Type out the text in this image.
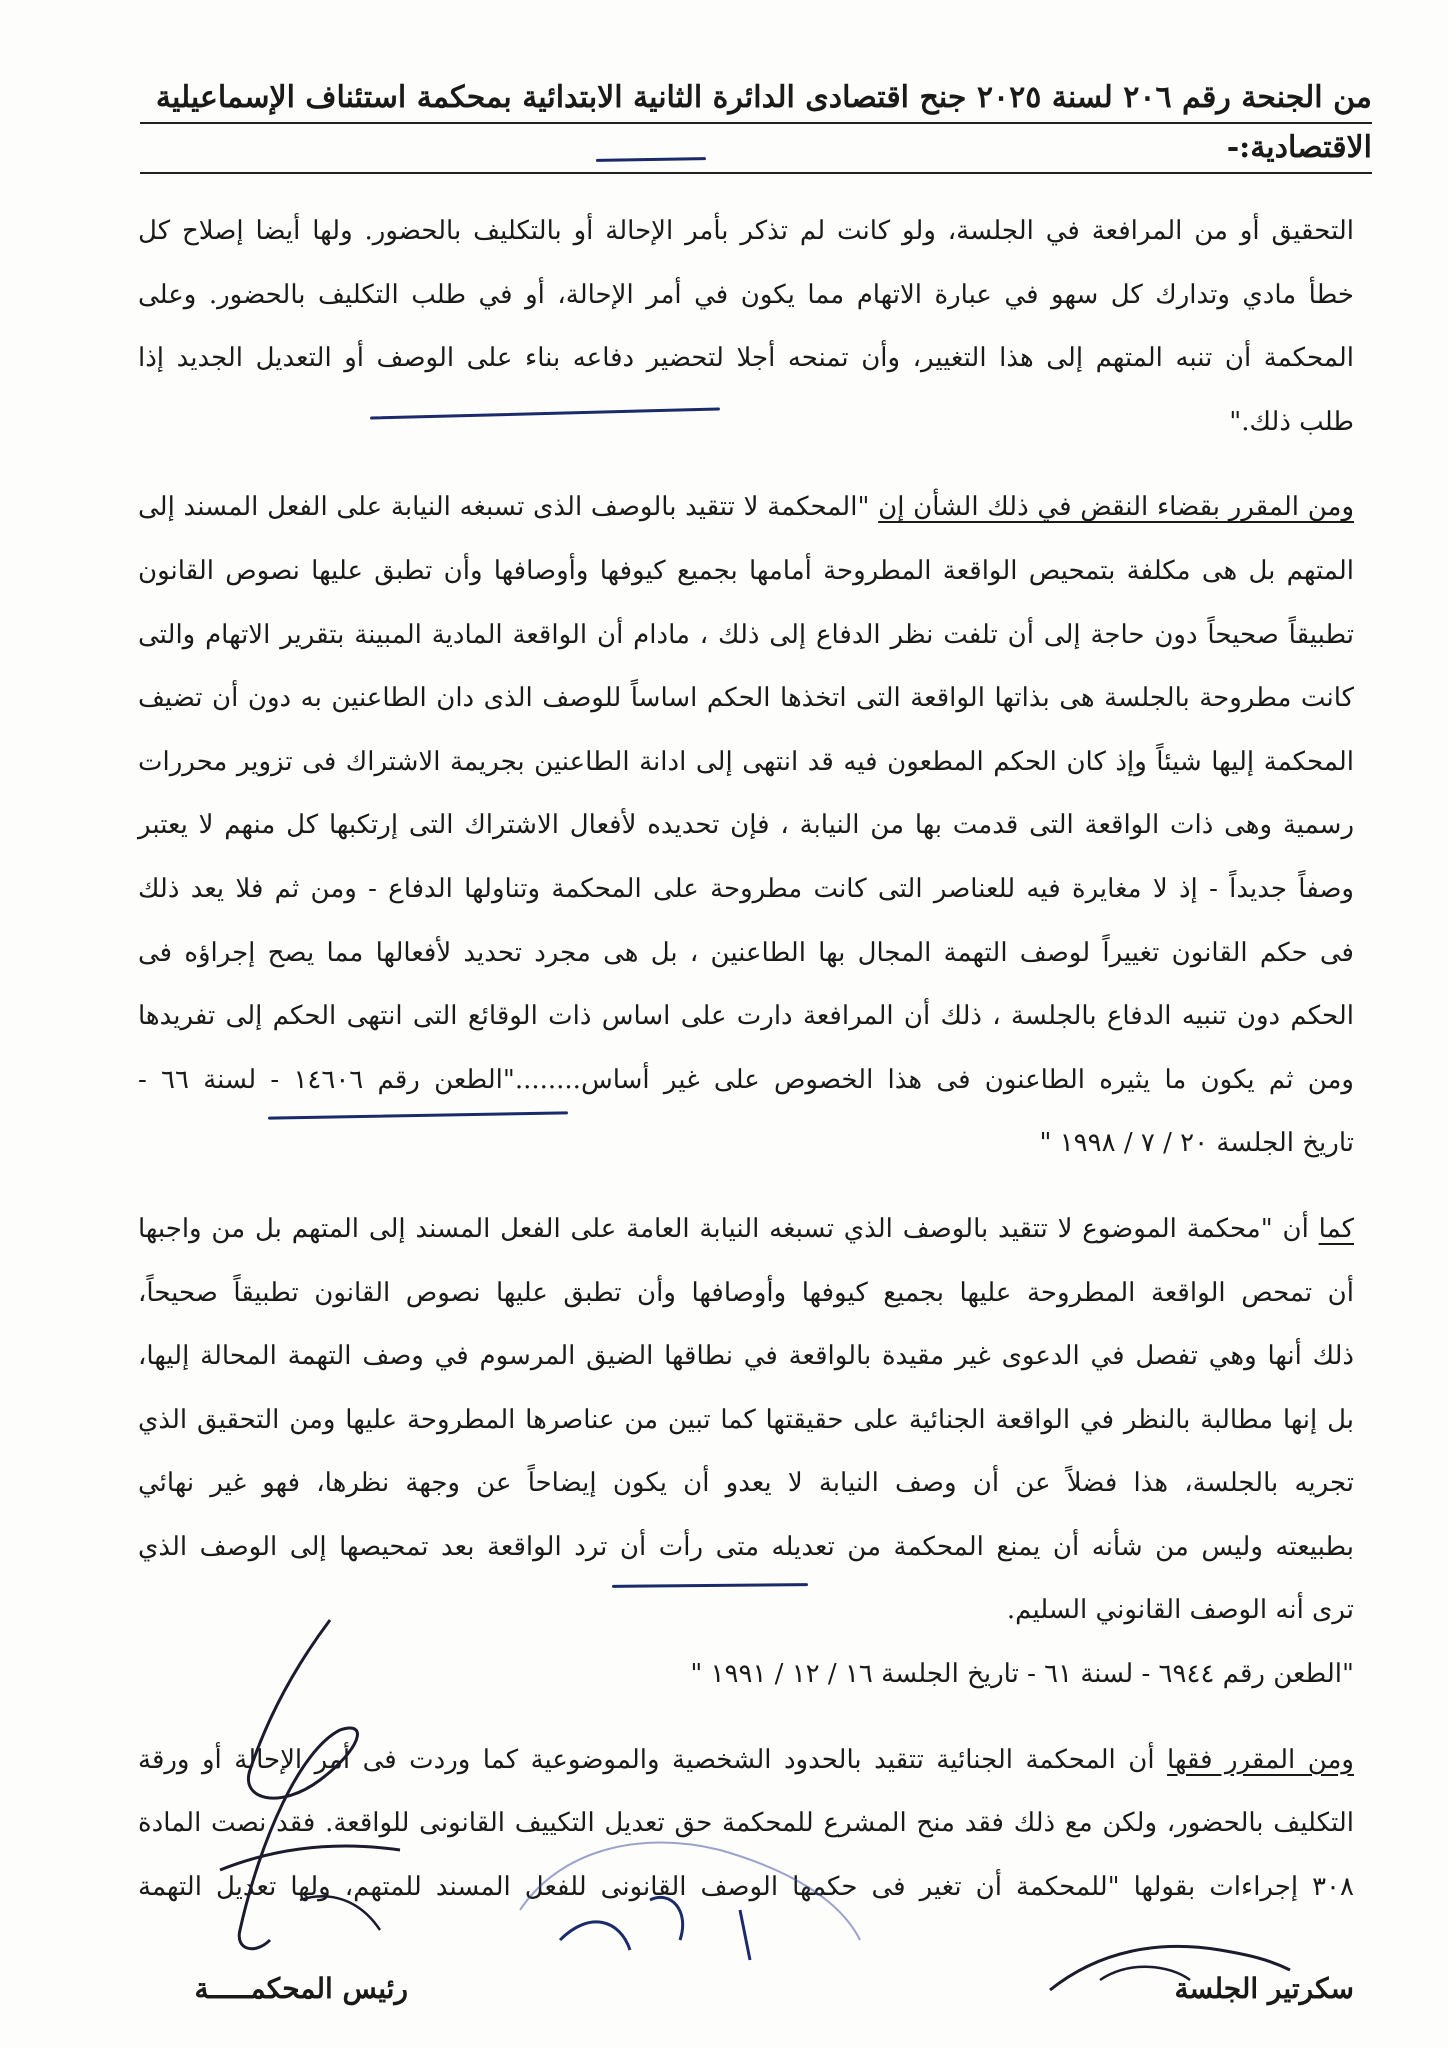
من الجنحة رقم ٢٠٦ لسنة ٢٠٢٥ جنح اقتصادى الدائرة الثانية الابتدائية بمحكمة استئناف الإسماعيلية
الاقتصادية:-
التحقيق أو من المرافعة في الجلسة، ولو كانت لم تذكر بأمر الإحالة أو بالتكليف بالحضور. ولها أيضا إصلاح كل
خطأ مادي وتدارك كل سهو في عبارة الاتهام مما يكون في أمر الإحالة، أو في طلب التكليف بالحضور. وعلى
المحكمة أن تنبه المتهم إلى هذا التغيير، وأن تمنحه أجلا لتحضير دفاعه بناء على الوصف أو التعديل الجديد إذا
طلب ذلك."
ومن المقرر بقضاء النقض في ذلك الشأن إن "المحكمة لا تتقيد بالوصف الذى تسبغه النيابة على الفعل المسند إلى
المتهم بل هى مكلفة بتمحيص الواقعة المطروحة أمامها بجميع كيوفها وأوصافها وأن تطبق عليها نصوص القانون
تطبيقاً صحيحاً دون حاجة إلى أن تلفت نظر الدفاع إلى ذلك ، مادام أن الواقعة المادية المبينة بتقرير الاتهام والتى
كانت مطروحة بالجلسة هى بذاتها الواقعة التى اتخذها الحكم اساساً للوصف الذى دان الطاعنين به دون أن تضيف
المحكمة إليها شيئاً وإذ كان الحكم المطعون فيه قد انتهى إلى ادانة الطاعنين بجريمة الاشتراك فى تزوير محررات
رسمية وهى ذات الواقعة التى قدمت بها من النيابة ، فإن تحديده لأفعال الاشتراك التى إرتكبها كل منهم لا يعتبر
وصفاً جديداً - إذ لا مغايرة فيه للعناصر التى كانت مطروحة على المحكمة وتناولها الدفاع - ومن ثم فلا يعد ذلك
فى حكم القانون تغييراً لوصف التهمة المجال بها الطاعنين ، بل هى مجرد تحديد لأفعالها مما يصح إجراؤه فى
الحكم دون تنبيه الدفاع بالجلسة ، ذلك أن المرافعة دارت على اساس ذات الوقائع التى انتهى الحكم إلى تفريدها
ومن ثم يكون ما يثيره الطاعنون فى هذا الخصوص على غير أساس........"الطعن رقم ١٤٦٠٦ - لسنة ٦٦ -
تاريخ الجلسة ٢٠ / ٧ / ١٩٩٨ "
كما أن "محكمة الموضوع لا تتقيد بالوصف الذي تسبغه النيابة العامة على الفعل المسند إلى المتهم بل من واجبها
أن تمحص الواقعة المطروحة عليها بجميع كيوفها وأوصافها وأن تطبق عليها نصوص القانون تطبيقاً صحيحاً،
ذلك أنها وهي تفصل في الدعوى غير مقيدة بالواقعة في نطاقها الضيق المرسوم في وصف التهمة المحالة إليها،
بل إنها مطالبة بالنظر في الواقعة الجنائية على حقيقتها كما تبين من عناصرها المطروحة عليها ومن التحقيق الذي
تجريه بالجلسة، هذا فضلاً عن أن وصف النيابة لا يعدو أن يكون إيضاحاً عن وجهة نظرها، فهو غير نهائي
بطبيعته وليس من شأنه أن يمنع المحكمة من تعديله متى رأت أن ترد الواقعة بعد تمحيصها إلى الوصف الذي
ترى أنه الوصف القانوني السليم.
"الطعن رقم ٦٩٤٤ - لسنة ٦١ - تاريخ الجلسة ١٦ / ١٢ / ١٩٩١ "
ومن المقرر فقها أن المحكمة الجنائية تتقيد بالحدود الشخصية والموضوعية كما وردت فى أمر الإحالة أو ورقة
التكليف بالحضور، ولكن مع ذلك فقد منح المشرع للمحكمة حق تعديل التكييف القانونى للواقعة. فقد نصت المادة
٣٠٨ إجراءات بقولها "للمحكمة أن تغير فى حكمها الوصف القانونى للفعل المسند للمتهم، ولها تعديل التهمة
سكرتير الجلسة
رئيس المحكمـــــة
